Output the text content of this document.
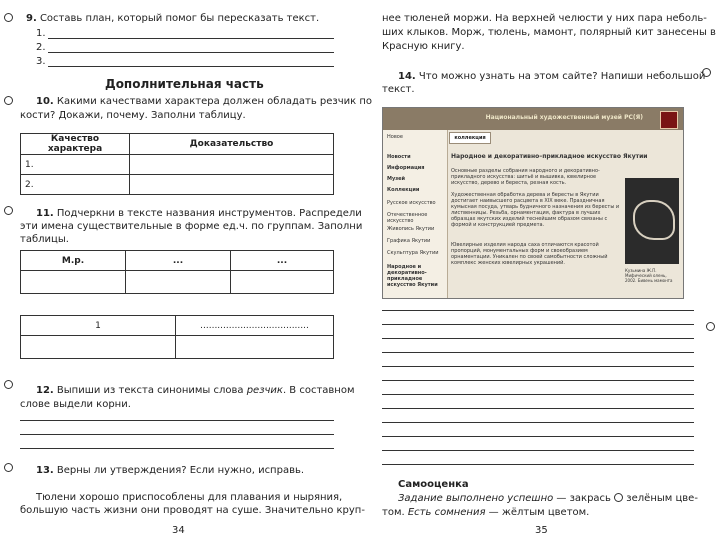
9. Составь план, который помог бы пересказать текст.
1.
2.
3.
Дополнительная часть
10. Какими качествами характера должен обладать резчик по
кости? Докажи, почему. Заполни таблицу.
Качество характера	Доказательство
1.	
2.	
11. Подчеркни в тексте названия инструментов. Распредели
эти имена существительные в форме ед.ч. по группам. Заполни
таблицы.
М.р.	...	...

1	......................................

12. Выпиши из текста синонимы слова резчик. В составном
слове выдели корни.
13. Верны ли утверждения? Если нужно, исправь.
Тюлени хорошо приспособлены для плавания и ныряния,
большую часть жизни они проводят на суше. Значительно круп-
34
нее тюленей моржи. На верхней челюсти у них пара неболь-
ших клыков. Морж, тюлень, мамонт, полярный кит занесены в
Красную книгу.
14. Что можно узнать на этом сайте? Напиши небольшой
текст.
Национальный художественный музей РС(Я)
Новое
Новости
Информация
Музей
Коллекции
Русское искусство
Отечественное искусство
Живопись Якутии
Графика Якутии
Скульптура Якутии
Народное и декоративно-прикладное искусство Якутии
коллекция
Народное и декоративно–прикладное искусство Якутии
Основные разделы собрания народного и декоративно-прикладного искусства: шитьё и вышивка, ювелирное искусство, дерево и береста, резная кость.
Художественная обработка дерева и бересты в Якутии достигает наивысшего расцвета в XIX веке. Праздничная кумысная посуда, утварь будничного назначения из бересты и лиственницы. Резьба, орнаментация, фактура в лучших образцах якутских изделий теснейшим образом связаны с формой и конструкцией предмета.
Ювелирные изделия народа саха отличаются красотой пропорций, монументальных форм и своеобразием орнаментации. Уникален по своей самобытности сложный комплекс женских ювелирных украшений.
Кузьмина Ж.П. Мифический олень, 2002. Бивень мамонта
Самооценка
Задание выполнено успешно — закрась  зелёным цве-
том. Есть сомнения — жёлтым цветом.
35
